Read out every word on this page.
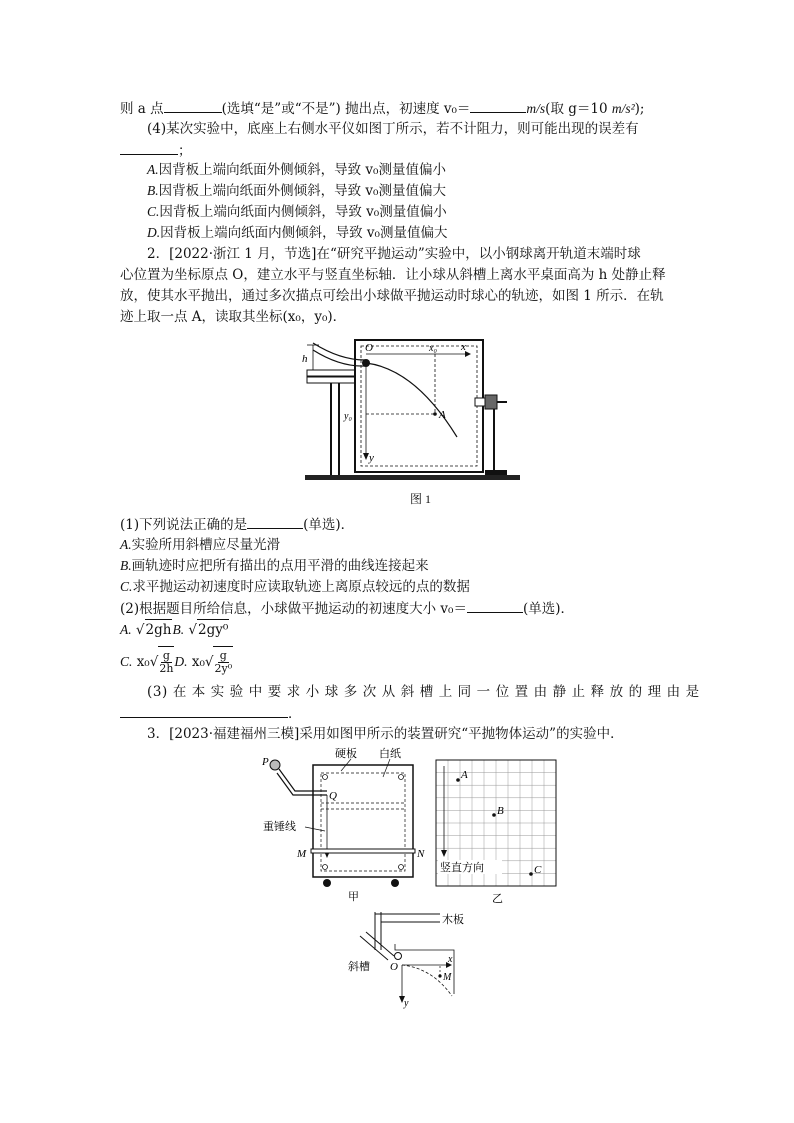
则 a 点	(选填“是”或“不是”) 抛出点，初速度 v₀＝	m/s(取 g＝10 m/s²);
(4)某次实验中，底座上右侧水平仪如图丁所示，若不计阻力，则可能出现的误差有
；
A.因背板上端向纸面外侧倾斜，导致 v₀测量值偏小
B.因背板上端向纸面外侧倾斜，导致 v₀测量值偏大
C.因背板上端向纸面内侧倾斜，导致 v₀测量值偏小
D.因背板上端向纸面内侧倾斜，导致 v₀测量值偏大
2．[2022·浙江 1 月，节选]在“研究平抛运动”实验中，以小钢球离开轨道末端时球
心位置为坐标原点 O，建立水平与竖直坐标轴．让小球从斜槽上离水平桌面高为 h 处静止释
放，使其水平抛出，通过多次描点可绘出小球做平抛运动时球心的轨迹，如图 1 所示．在轨
迹上取一点 A，读取其坐标(x₀，y₀)．
h
O	x
x₀
y
y₀	A
图 1
(1)下列说法正确的是	(单选)．
A.实验所用斜槽应尽量光滑
B.画轨迹时应把所有描出的点用平滑的曲线连接起来
C.求平抛运动初速度时应读取轨迹上离原点较远的点的数据
(2)根据题目所给信息，小球做平抛运动的初速度大小 v₀＝	(单选)．
A. √ 2gh B. √ 2gy⁰
C. $x_0√ \frac{g}{2h} D$. $x_0√ \frac{g}{\text{2y⁰}}$
(3) 在 本 实 验 中 要 求 小 球 多 次 从 斜 槽 上 同 一 位 置 由 静 止 释 放 的 理 由 是
．
3．[2023·福建福州三模]采用如图甲所示的装置研究“平抛物体运动”的实验中．
硬板 白纸
P
Q
重锤线
M	N
甲
A
B
C
竖直方向
乙
木板
斜槽 O
x
y
M
